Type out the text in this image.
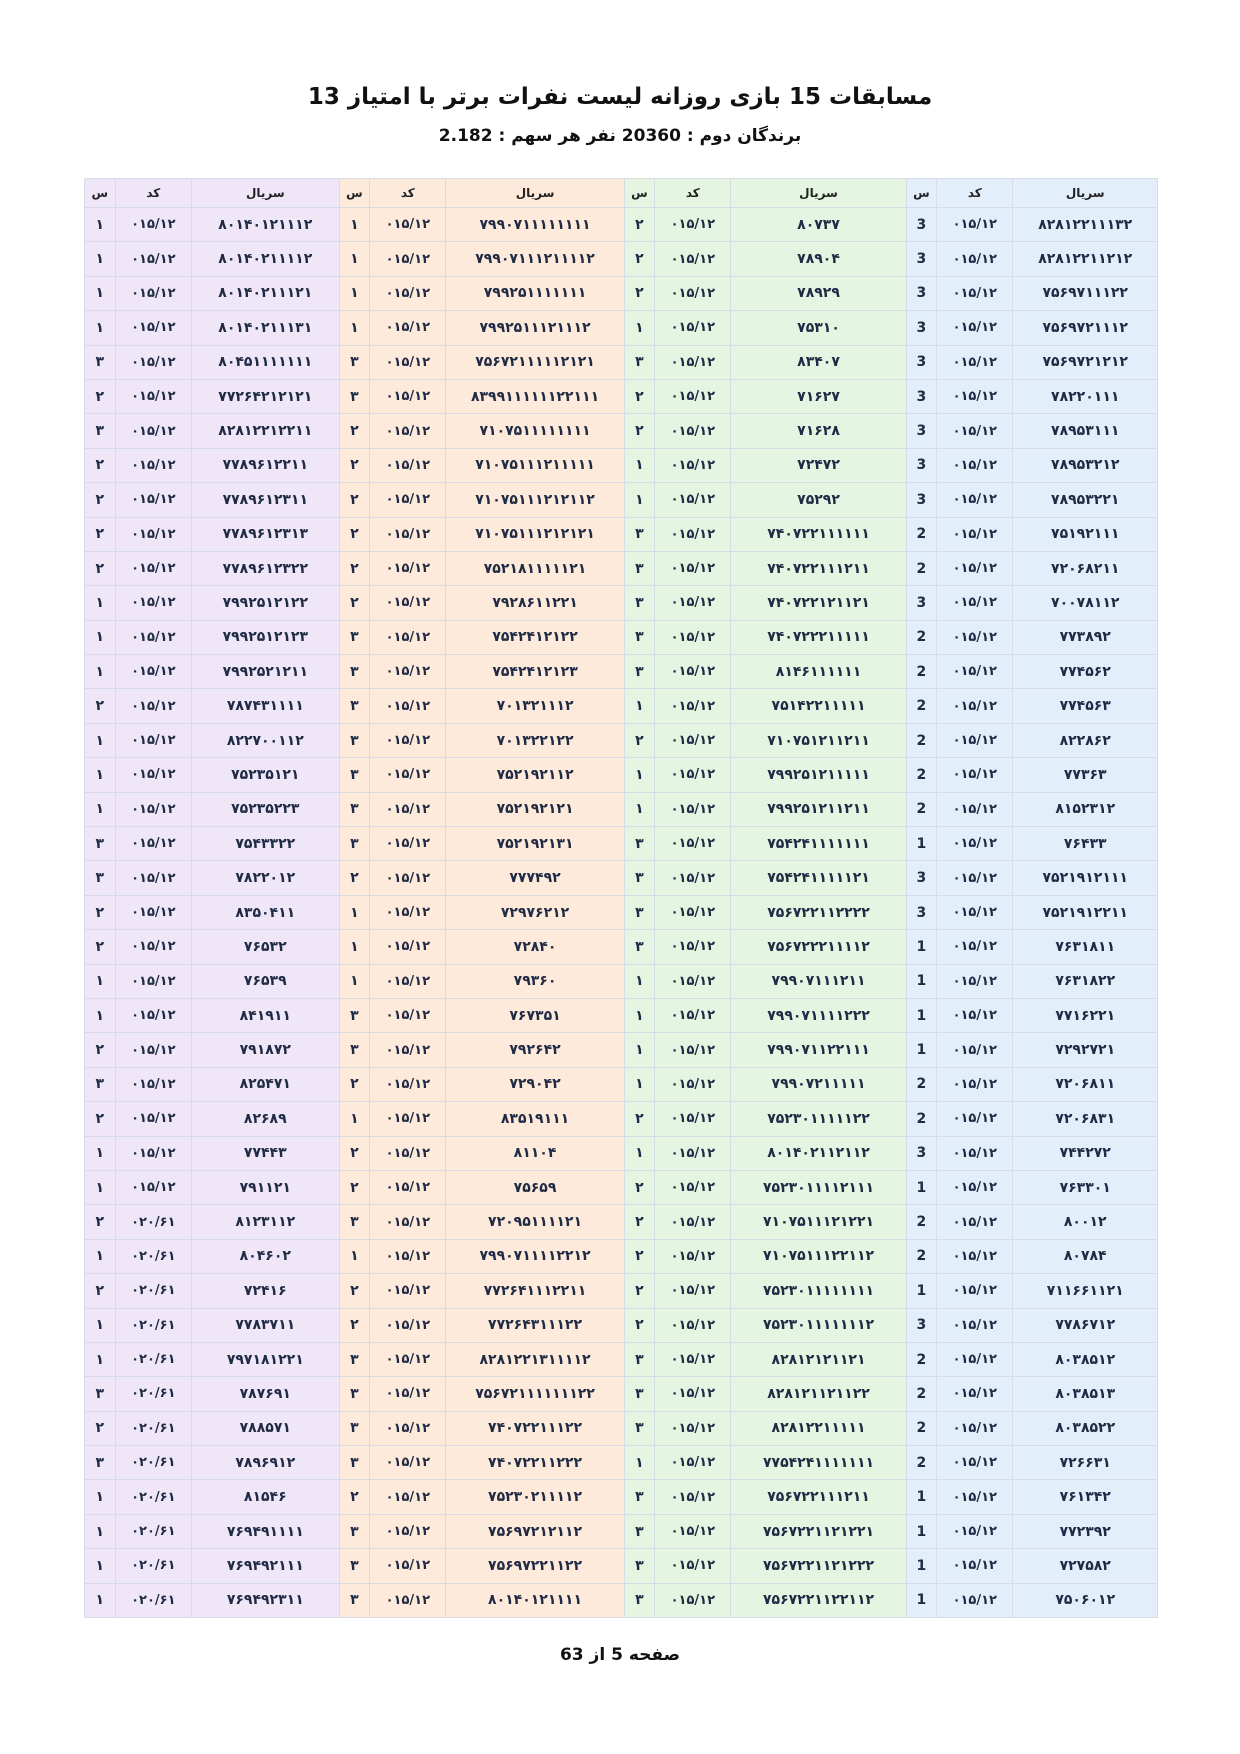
مسابقات 15 بازی روزانه لیست نفرات برتر با امتیاز 13
برندگان دوم : 20360 نفر هر سهم : 2.182
سریال	کد	س	سریال	کد	س	سریال	کد	س	سریال	کد	س
۸۲۸۱۲۲۱۱۱۳۲	۰۱۵/۱۲	3	۸۰۷۳۷	۰۱۵/۱۲	۲	۷۹۹۰۷۱۱۱۱۱۱۱۱	۰۱۵/۱۲	۱	۸۰۱۴۰۱۲۱۱۱۲	۰۱۵/۱۲	۱
۸۲۸۱۲۲۱۱۲۱۲	۰۱۵/۱۲	3	۷۸۹۰۴	۰۱۵/۱۲	۲	۷۹۹۰۷۱۱۱۲۱۱۱۱۲	۰۱۵/۱۲	۱	۸۰۱۴۰۲۱۱۱۱۲	۰۱۵/۱۲	۱
۷۵۶۹۷۱۱۱۲۲	۰۱۵/۱۲	3	۷۸۹۲۹	۰۱۵/۱۲	۲	۷۹۹۲۵۱۱۱۱۱۱۱	۰۱۵/۱۲	۱	۸۰۱۴۰۲۱۱۱۲۱	۰۱۵/۱۲	۱
۷۵۶۹۷۲۱۱۱۲	۰۱۵/۱۲	3	۷۵۳۱۰	۰۱۵/۱۲	۱	۷۹۹۲۵۱۱۱۲۱۱۱۲	۰۱۵/۱۲	۱	۸۰۱۴۰۲۱۱۱۳۱	۰۱۵/۱۲	۱
۷۵۶۹۷۲۱۲۱۲	۰۱۵/۱۲	3	۸۳۴۰۷	۰۱۵/۱۲	۳	۷۵۶۷۲۱۱۱۱۱۲۱۲۱	۰۱۵/۱۲	۳	۸۰۴۵۱۱۱۱۱۱۱	۰۱۵/۱۲	۳
۷۸۲۲۰۱۱۱	۰۱۵/۱۲	3	۷۱۶۲۷	۰۱۵/۱۲	۲	۸۳۹۹۱۱۱۱۱۱۲۲۱۱۱	۰۱۵/۱۲	۳	۷۷۲۶۴۲۱۲۱۲۱	۰۱۵/۱۲	۲
۷۸۹۵۳۱۱۱	۰۱۵/۱۲	3	۷۱۶۲۸	۰۱۵/۱۲	۲	۷۱۰۷۵۱۱۱۱۱۱۱۱	۰۱۵/۱۲	۲	۸۲۸۱۲۲۱۲۲۱۱	۰۱۵/۱۲	۳
۷۸۹۵۳۲۱۲	۰۱۵/۱۲	3	۷۲۴۷۲	۰۱۵/۱۲	۱	۷۱۰۷۵۱۱۱۲۱۱۱۱۱	۰۱۵/۱۲	۲	۷۷۸۹۶۱۲۲۱۱	۰۱۵/۱۲	۲
۷۸۹۵۳۲۲۱	۰۱۵/۱۲	3	۷۵۲۹۲	۰۱۵/۱۲	۱	۷۱۰۷۵۱۱۱۲۱۲۱۱۲	۰۱۵/۱۲	۲	۷۷۸۹۶۱۲۳۱۱	۰۱۵/۱۲	۲
۷۵۱۹۲۱۱۱	۰۱۵/۱۲	2	۷۴۰۷۲۲۱۱۱۱۱۱	۰۱۵/۱۲	۳	۷۱۰۷۵۱۱۱۲۱۲۱۲۱	۰۱۵/۱۲	۲	۷۷۸۹۶۱۲۳۱۳	۰۱۵/۱۲	۲
۷۲۰۶۸۲۱۱	۰۱۵/۱۲	2	۷۴۰۷۲۲۱۱۱۲۱۱	۰۱۵/۱۲	۳	۷۵۲۱۸۱۱۱۱۱۲۱	۰۱۵/۱۲	۲	۷۷۸۹۶۱۲۳۲۲	۰۱۵/۱۲	۲
۷۰۰۷۸۱۱۲	۰۱۵/۱۲	3	۷۴۰۷۲۲۱۲۱۱۲۱	۰۱۵/۱۲	۳	۷۹۲۸۶۱۱۲۲۱	۰۱۵/۱۲	۲	۷۹۹۲۵۱۲۱۲۲	۰۱۵/۱۲	۱
۷۷۳۸۹۲	۰۱۵/۱۲	2	۷۴۰۷۲۲۲۱۱۱۱۱	۰۱۵/۱۲	۳	۷۵۴۲۴۱۲۱۲۲	۰۱۵/۱۲	۳	۷۹۹۲۵۱۲۱۲۳	۰۱۵/۱۲	۱
۷۷۴۵۶۲	۰۱۵/۱۲	2	۸۱۴۶۱۱۱۱۱۱	۰۱۵/۱۲	۳	۷۵۴۲۴۱۲۱۲۳	۰۱۵/۱۲	۳	۷۹۹۲۵۲۱۲۱۱	۰۱۵/۱۲	۱
۷۷۴۵۶۳	۰۱۵/۱۲	2	۷۵۱۴۲۲۱۱۱۱۱	۰۱۵/۱۲	۱	۷۰۱۳۲۱۱۱۲	۰۱۵/۱۲	۳	۷۸۷۴۳۱۱۱۱	۰۱۵/۱۲	۲
۸۲۲۸۶۲	۰۱۵/۱۲	2	۷۱۰۷۵۱۲۱۱۲۱۱	۰۱۵/۱۲	۲	۷۰۱۳۲۲۱۲۲	۰۱۵/۱۲	۳	۸۲۲۷۰۰۱۱۲	۰۱۵/۱۲	۱
۷۷۳۶۳	۰۱۵/۱۲	2	۷۹۹۲۵۱۲۱۱۱۱۱	۰۱۵/۱۲	۱	۷۵۲۱۹۲۱۱۲	۰۱۵/۱۲	۳	۷۵۲۳۵۱۲۱	۰۱۵/۱۲	۱
۸۱۵۲۳۱۲	۰۱۵/۱۲	2	۷۹۹۲۵۱۲۱۱۲۱۱	۰۱۵/۱۲	۱	۷۵۲۱۹۲۱۲۱	۰۱۵/۱۲	۳	۷۵۲۳۵۲۲۳	۰۱۵/۱۲	۱
۷۶۴۳۳	۰۱۵/۱۲	1	۷۵۴۲۴۱۱۱۱۱۱۱	۰۱۵/۱۲	۳	۷۵۲۱۹۲۱۳۱	۰۱۵/۱۲	۳	۷۵۴۳۳۲۲	۰۱۵/۱۲	۳
۷۵۲۱۹۱۲۱۱۱	۰۱۵/۱۲	3	۷۵۴۲۴۱۱۱۱۱۲۱	۰۱۵/۱۲	۳	۷۷۷۴۹۲	۰۱۵/۱۲	۲	۷۸۲۲۰۱۲	۰۱۵/۱۲	۳
۷۵۲۱۹۱۲۲۱۱	۰۱۵/۱۲	3	۷۵۶۷۲۲۱۱۲۲۲۲	۰۱۵/۱۲	۳	۷۲۹۷۶۲۱۲	۰۱۵/۱۲	۱	۸۳۵۰۴۱۱	۰۱۵/۱۲	۲
۷۶۳۱۸۱۱	۰۱۵/۱۲	1	۷۵۶۷۲۲۲۱۱۱۱۲	۰۱۵/۱۲	۳	۷۲۸۴۰	۰۱۵/۱۲	۱	۷۶۵۳۲	۰۱۵/۱۲	۲
۷۶۳۱۸۲۲	۰۱۵/۱۲	1	۷۹۹۰۷۱۱۱۲۱۱	۰۱۵/۱۲	۱	۷۹۳۶۰	۰۱۵/۱۲	۱	۷۶۵۳۹	۰۱۵/۱۲	۱
۷۷۱۶۲۲۱	۰۱۵/۱۲	1	۷۹۹۰۷۱۱۱۱۲۲۲	۰۱۵/۱۲	۱	۷۶۷۳۵۱	۰۱۵/۱۲	۳	۸۴۱۹۱۱	۰۱۵/۱۲	۱
۷۲۹۲۷۲۱	۰۱۵/۱۲	1	۷۹۹۰۷۱۱۲۲۱۱۱	۰۱۵/۱۲	۱	۷۹۲۶۴۲	۰۱۵/۱۲	۳	۷۹۱۸۷۲	۰۱۵/۱۲	۲
۷۲۰۶۸۱۱	۰۱۵/۱۲	2	۷۹۹۰۷۲۱۱۱۱۱	۰۱۵/۱۲	۱	۷۲۹۰۴۲	۰۱۵/۱۲	۲	۸۲۵۴۷۱	۰۱۵/۱۲	۳
۷۲۰۶۸۳۱	۰۱۵/۱۲	2	۷۵۲۳۰۱۱۱۱۱۲۲	۰۱۵/۱۲	۲	۸۳۵۱۹۱۱۱	۰۱۵/۱۲	۱	۸۲۶۸۹	۰۱۵/۱۲	۲
۷۴۴۲۷۲	۰۱۵/۱۲	3	۸۰۱۴۰۲۱۱۲۱۱۲	۰۱۵/۱۲	۱	۸۱۱۰۴	۰۱۵/۱۲	۲	۷۷۴۴۳	۰۱۵/۱۲	۱
۷۶۳۳۰۱	۰۱۵/۱۲	1	۷۵۲۳۰۱۱۱۱۲۱۱۱	۰۱۵/۱۲	۲	۷۵۶۵۹	۰۱۵/۱۲	۲	۷۹۱۱۲۱	۰۱۵/۱۲	۱
۸۰۰۱۲	۰۱۵/۱۲	2	۷۱۰۷۵۱۱۱۲۱۲۲۱	۰۱۵/۱۲	۲	۷۲۰۹۵۱۱۱۱۲۱	۰۱۵/۱۲	۳	۸۱۲۳۱۱۲	۰۲۰/۶۱	۲
۸۰۷۸۴	۰۱۵/۱۲	2	۷۱۰۷۵۱۱۱۲۲۱۱۲	۰۱۵/۱۲	۲	۷۹۹۰۷۱۱۱۱۲۲۱۲	۰۱۵/۱۲	۱	۸۰۴۶۰۲	۰۲۰/۶۱	۱
۷۱۱۶۶۱۱۲۱	۰۱۵/۱۲	1	۷۵۲۳۰۱۱۱۱۱۱۱۱	۰۱۵/۱۲	۲	۷۷۲۶۴۱۱۱۲۲۱۱	۰۱۵/۱۲	۲	۷۲۴۱۶	۰۲۰/۶۱	۲
۷۷۸۶۷۱۲	۰۱۵/۱۲	3	۷۵۲۳۰۱۱۱۱۱۱۱۲	۰۱۵/۱۲	۲	۷۷۲۶۴۳۱۱۱۲۲	۰۱۵/۱۲	۲	۷۷۸۳۷۱۱	۰۲۰/۶۱	۱
۸۰۳۸۵۱۲	۰۱۵/۱۲	2	۸۲۸۱۲۱۲۱۱۲۱	۰۱۵/۱۲	۳	۸۲۸۱۲۲۱۳۱۱۱۱۲	۰۱۵/۱۲	۳	۷۹۷۱۸۱۲۲۱	۰۲۰/۶۱	۱
۸۰۳۸۵۱۳	۰۱۵/۱۲	2	۸۲۸۱۲۱۱۲۱۱۲۲	۰۱۵/۱۲	۳	۷۵۶۷۲۱۱۱۱۱۱۱۲۲	۰۱۵/۱۲	۳	۷۸۷۶۹۱	۰۲۰/۶۱	۳
۸۰۳۸۵۲۲	۰۱۵/۱۲	2	۸۲۸۱۲۲۱۱۱۱۱	۰۱۵/۱۲	۳	۷۴۰۷۲۲۱۱۱۲۲	۰۱۵/۱۲	۳	۷۸۸۵۷۱	۰۲۰/۶۱	۲
۷۲۶۶۳۱	۰۱۵/۱۲	2	۷۷۵۴۲۴۱۱۱۱۱۱۱	۰۱۵/۱۲	۱	۷۴۰۷۲۲۱۱۲۲۲	۰۱۵/۱۲	۳	۷۸۹۶۹۱۲	۰۲۰/۶۱	۳
۷۶۱۳۴۲	۰۱۵/۱۲	1	۷۵۶۷۲۲۱۱۱۲۱۱	۰۱۵/۱۲	۳	۷۵۲۳۰۲۱۱۱۱۲	۰۱۵/۱۲	۲	۸۱۵۴۶	۰۲۰/۶۱	۱
۷۷۲۳۹۲	۰۱۵/۱۲	1	۷۵۶۷۲۲۱۱۲۱۲۲۱	۰۱۵/۱۲	۳	۷۵۶۹۷۲۱۲۱۱۲	۰۱۵/۱۲	۳	۷۶۹۴۹۱۱۱۱	۰۲۰/۶۱	۱
۷۲۷۵۸۲	۰۱۵/۱۲	1	۷۵۶۷۲۲۱۱۲۱۲۲۲	۰۱۵/۱۲	۳	۷۵۶۹۷۲۲۱۱۲۲	۰۱۵/۱۲	۳	۷۶۹۴۹۲۱۱۱	۰۲۰/۶۱	۱
۷۵۰۶۰۱۲	۰۱۵/۱۲	1	۷۵۶۷۲۲۱۱۲۲۱۱۲	۰۱۵/۱۲	۳	۸۰۱۴۰۱۲۱۱۱۱	۰۱۵/۱۲	۳	۷۶۹۴۹۲۳۱۱	۰۲۰/۶۱	۱
صفحه 5 از 63
